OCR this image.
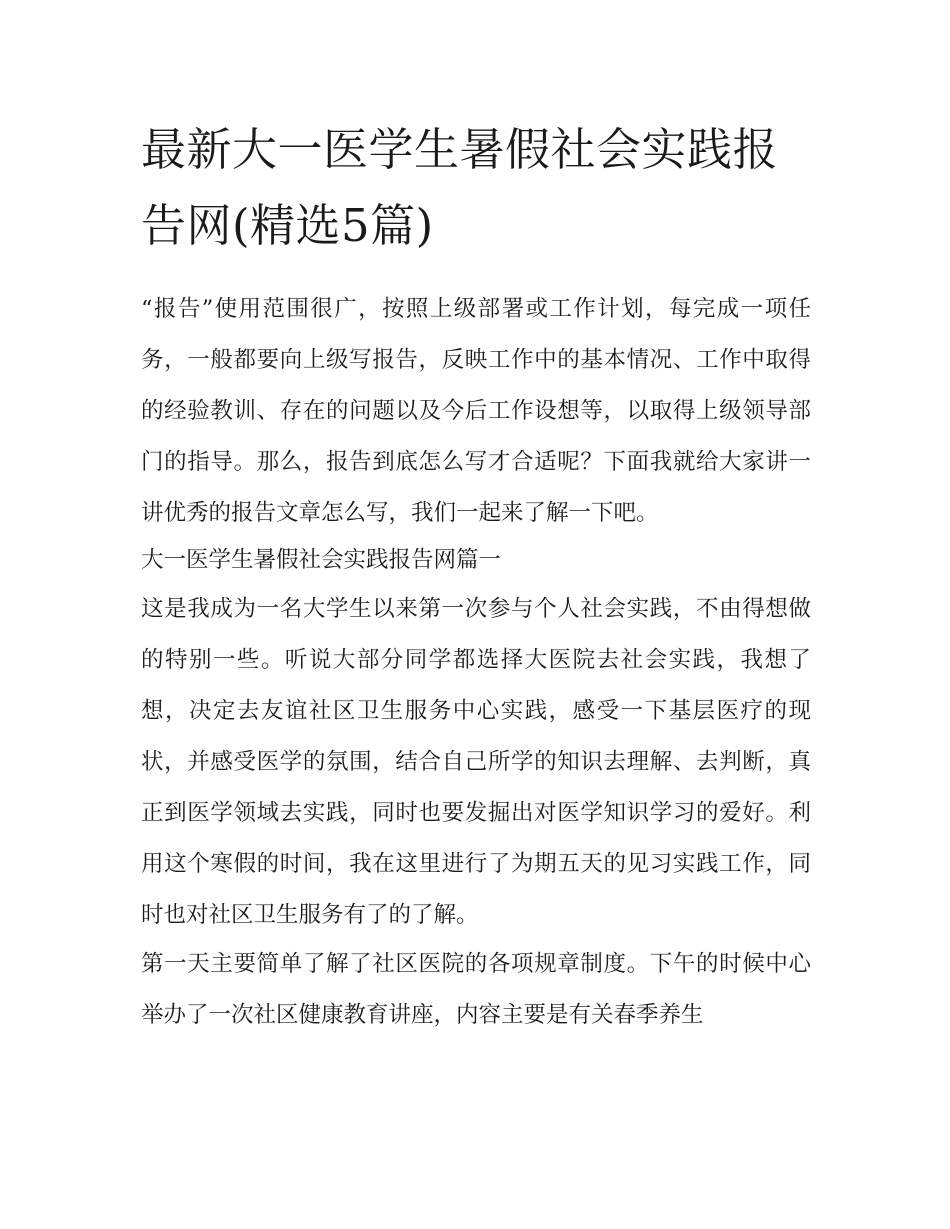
最新大一医学生暑假社会实践报告网(精选5篇)

“报告”使用范围很广，按照上级部署或工作计划，每完成一项任务，一般都要向上级写报告，反映工作中的基本情况、工作中取得的经验教训、存在的问题以及今后工作设想等，以取得上级领导部门的指导。那么，报告到底怎么写才合适呢？下面我就给大家讲一讲优秀的报告文章怎么写，我们一起来了解一下吧。

大一医学生暑假社会实践报告网篇一

这是我成为一名大学生以来第一次参与个人社会实践，不由得想做的特别一些。听说大部分同学都选择大医院去社会实践，我想了想，决定去友谊社区卫生服务中心实践，感受一下基层医疗的现状，并感受医学的氛围，结合自己所学的知识去理解、去判断，真正到医学领域去实践，同时也要发掘出对医学知识学习的爱好。利用这个寒假的时间，我在这里进行了为期五天的见习实践工作，同时也对社区卫生服务有了的了解。

第一天主要简单了解了社区医院的各项规章制度。下午的时候中心举办了一次社区健康教育讲座，内容主要是有关春季养生
